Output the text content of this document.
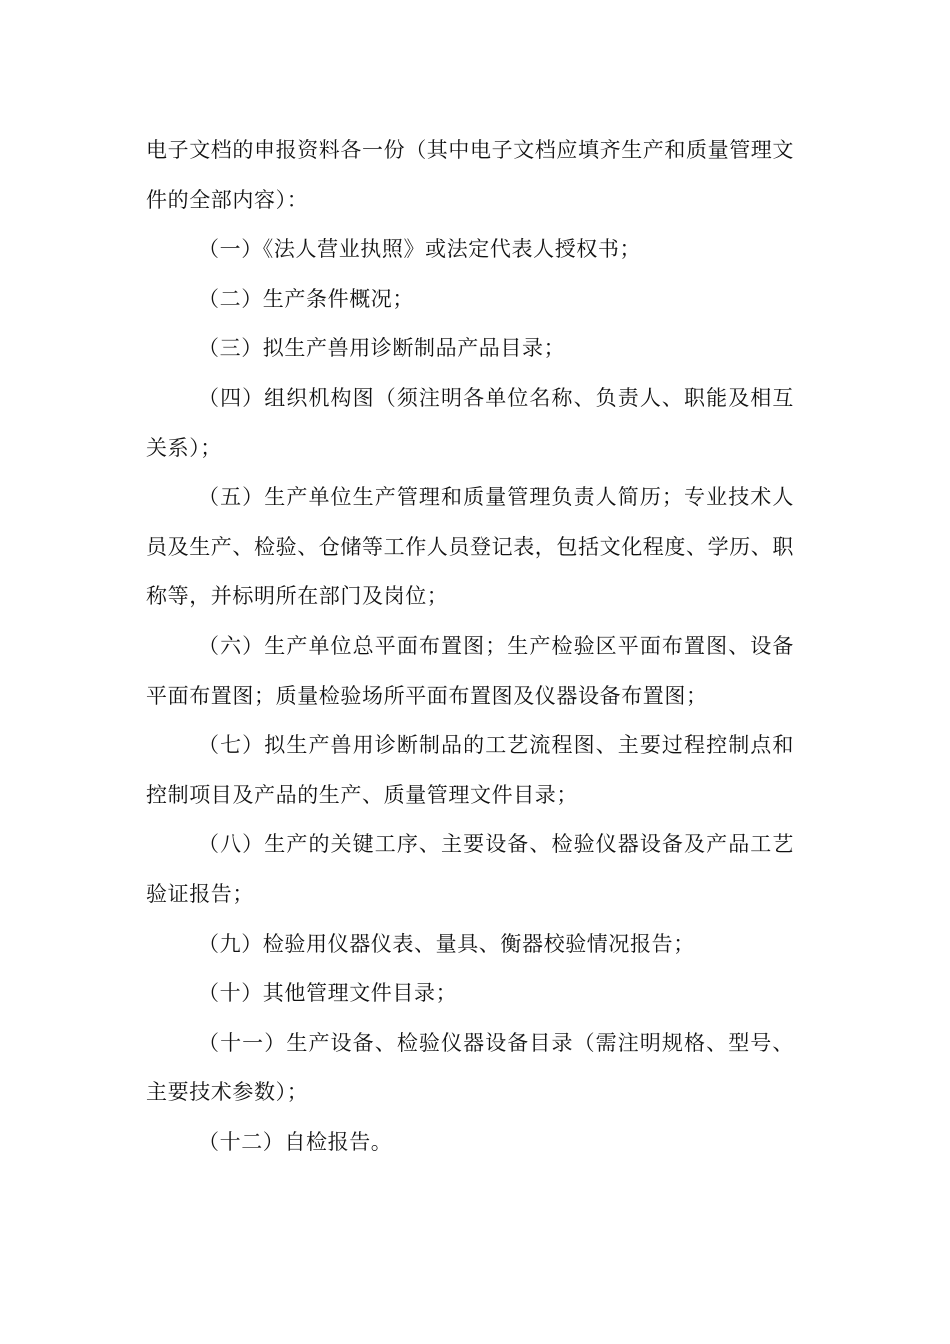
电子文档的申报资料各一份（其中电子文档应填齐生产和质量管理文件的全部内容）：

（一）《法人营业执照》或法定代表人授权书；

（二）生产条件概况；

（三）拟生产兽用诊断制品产品目录；

（四）组织机构图（须注明各单位名称、负责人、职能及相互关系）；

（五）生产单位生产管理和质量管理负责人简历；专业技术人员及生产、检验、仓储等工作人员登记表，包括文化程度、学历、职称等，并标明所在部门及岗位；

（六）生产单位总平面布置图；生产检验区平面布置图、设备平面布置图；质量检验场所平面布置图及仪器设备布置图；

（七）拟生产兽用诊断制品的工艺流程图、主要过程控制点和控制项目及产品的生产、质量管理文件目录；

（八）生产的关键工序、主要设备、检验仪器设备及产品工艺验证报告；

（九）检验用仪器仪表、量具、衡器校验情况报告；

（十）其他管理文件目录；

（十一）生产设备、检验仪器设备目录（需注明规格、型号、主要技术参数）；

（十二）自检报告。
